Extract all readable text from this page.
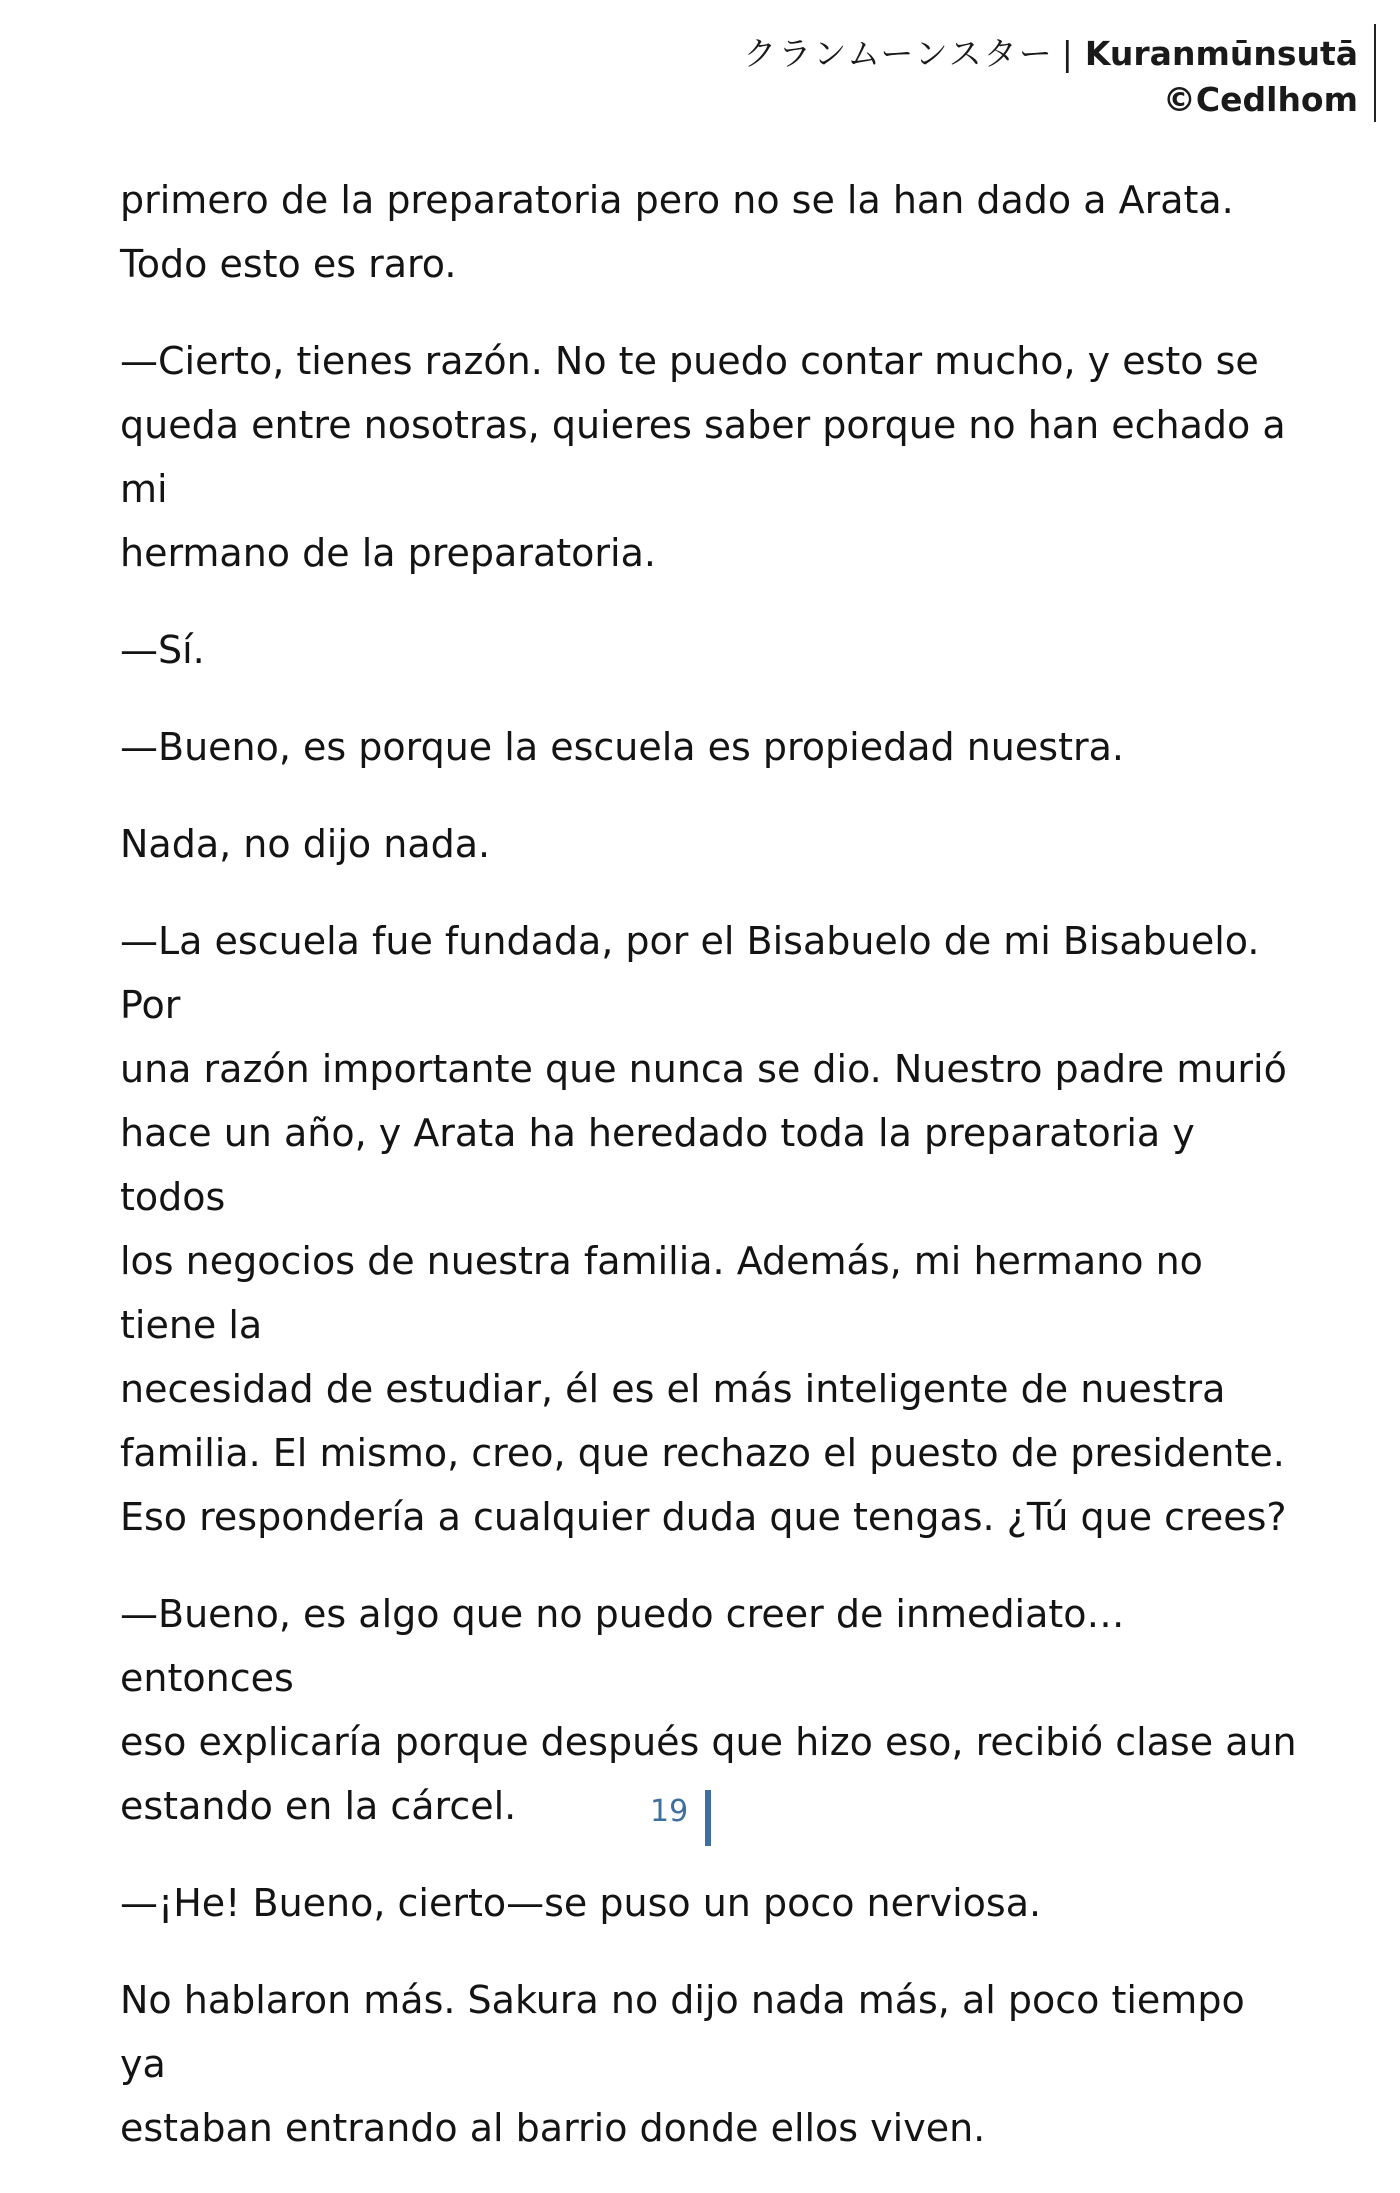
クランムーンスター | Kuranmūnsutā
©Cedlhom

primero de la preparatoria pero no se la han dado a Arata.
Todo esto es raro.

—Cierto, tienes razón. No te puedo contar mucho, y esto se
queda entre nosotras, quieres saber porque no han echado a mi
hermano de la preparatoria.

—Sí.

—Bueno, es porque la escuela es propiedad nuestra.

Nada, no dijo nada.

—La escuela fue fundada, por el Bisabuelo de mi Bisabuelo. Por
una razón importante que nunca se dio. Nuestro padre murió
hace un año, y Arata ha heredado toda la preparatoria y todos
los negocios de nuestra familia. Además, mi hermano no tiene la
necesidad de estudiar, él es el más inteligente de nuestra
familia. El mismo, creo, que rechazo el puesto de presidente.
Eso respondería a cualquier duda que tengas. ¿Tú que crees?

—Bueno, es algo que no puedo creer de inmediato… entonces
eso explicaría porque después que hizo eso, recibió clase aun
estando en la cárcel.

—¡He! Bueno, cierto—se puso un poco nerviosa.

No hablaron más. Sakura no dijo nada más, al poco tiempo ya
estaban entrando al barrio donde ellos viven.

19
